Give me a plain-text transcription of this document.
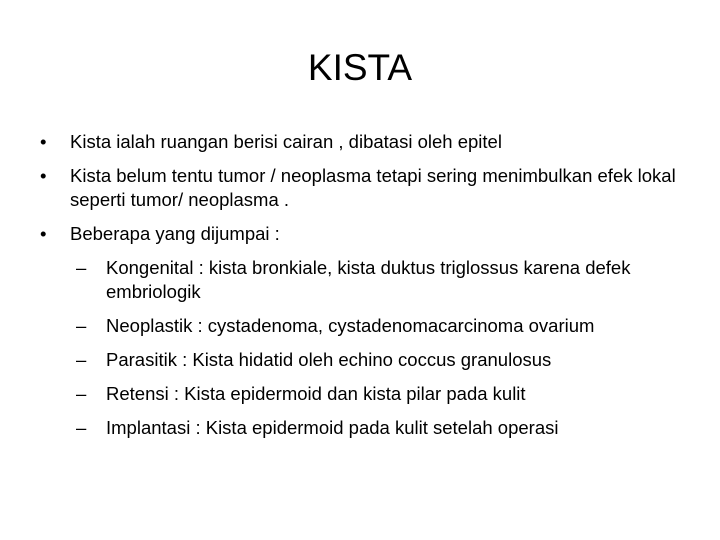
KISTA
• Kista ialah ruangan berisi cairan , dibatasi oleh epitel
• Kista belum tentu tumor / neoplasma tetapi sering menimbulkan efek lokal seperti tumor/ neoplasma .
• Beberapa yang dijumpai :
– Kongenital : kista bronkiale, kista duktus triglossus karena defek embriologik
– Neoplastik : cystadenoma, cystadenomacarcinoma ovarium
– Parasitik : Kista hidatid oleh echino coccus granulosus
– Retensi : Kista epidermoid dan kista pilar pada kulit
– Implantasi : Kista epidermoid pada kulit setelah operasi
